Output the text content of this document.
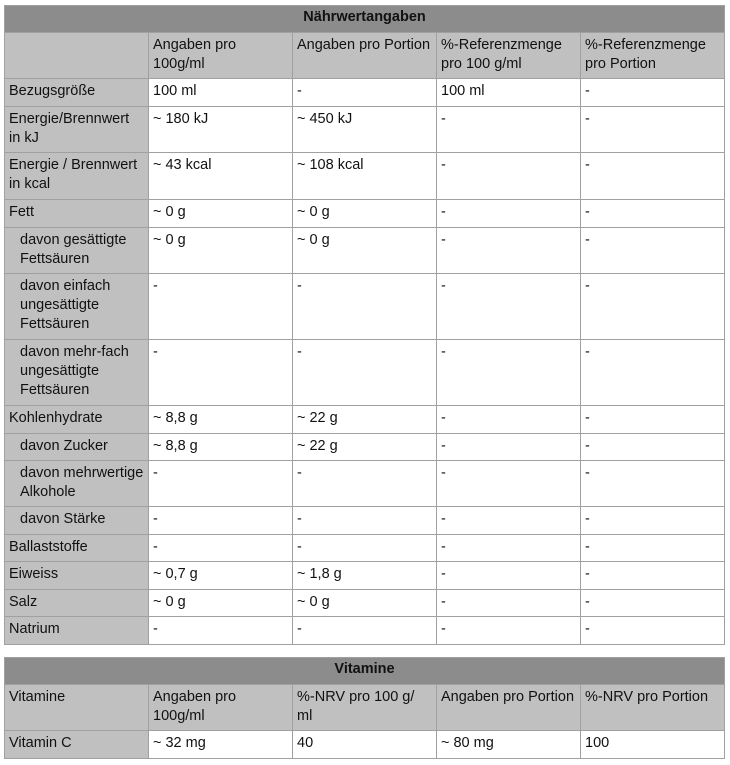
Nährwertangaben				
	Angaben pro 100g/ml	Angaben pro Portion	%-Referenzmenge pro 100 g/ml	%-Referenzmenge pro Portion
Bezugsgröße	100 ml	-	100 ml	-
Energie/Brennwert in kJ	~ 180 kJ	~ 450 kJ	-	-
Energie / Brennwert in kcal	~ 43 kcal	~ 108 kcal	-	-
Fett	~ 0 g	~ 0 g	-	-
davon gesättigte Fettsäuren	~ 0 g	~ 0 g	-	-
davon einfach ungesättigte Fettsäuren	-	-	-	-
davon mehr-fach ungesättigte Fettsäuren	-	-	-	-
Kohlenhydrate	~ 8,8 g	~ 22 g	-	-
davon Zucker	~ 8,8 g	~ 22 g	-	-
davon mehrwertige Alkohole	-	-	-	-
davon Stärke	-	-	-	-
Ballaststoffe	-	-	-	-
Eiweiss	~ 0,7 g	~ 1,8 g	-	-
Salz	~ 0 g	~ 0 g	-	-
Natrium	-	-	-	-
Vitamine				
Vitamine	Angaben pro 100g/ml	%-NRV pro 100 g/ ml	Angaben pro Portion	%-NRV pro Portion
Vitamin C	~ 32 mg	40	~ 80 mg	100
